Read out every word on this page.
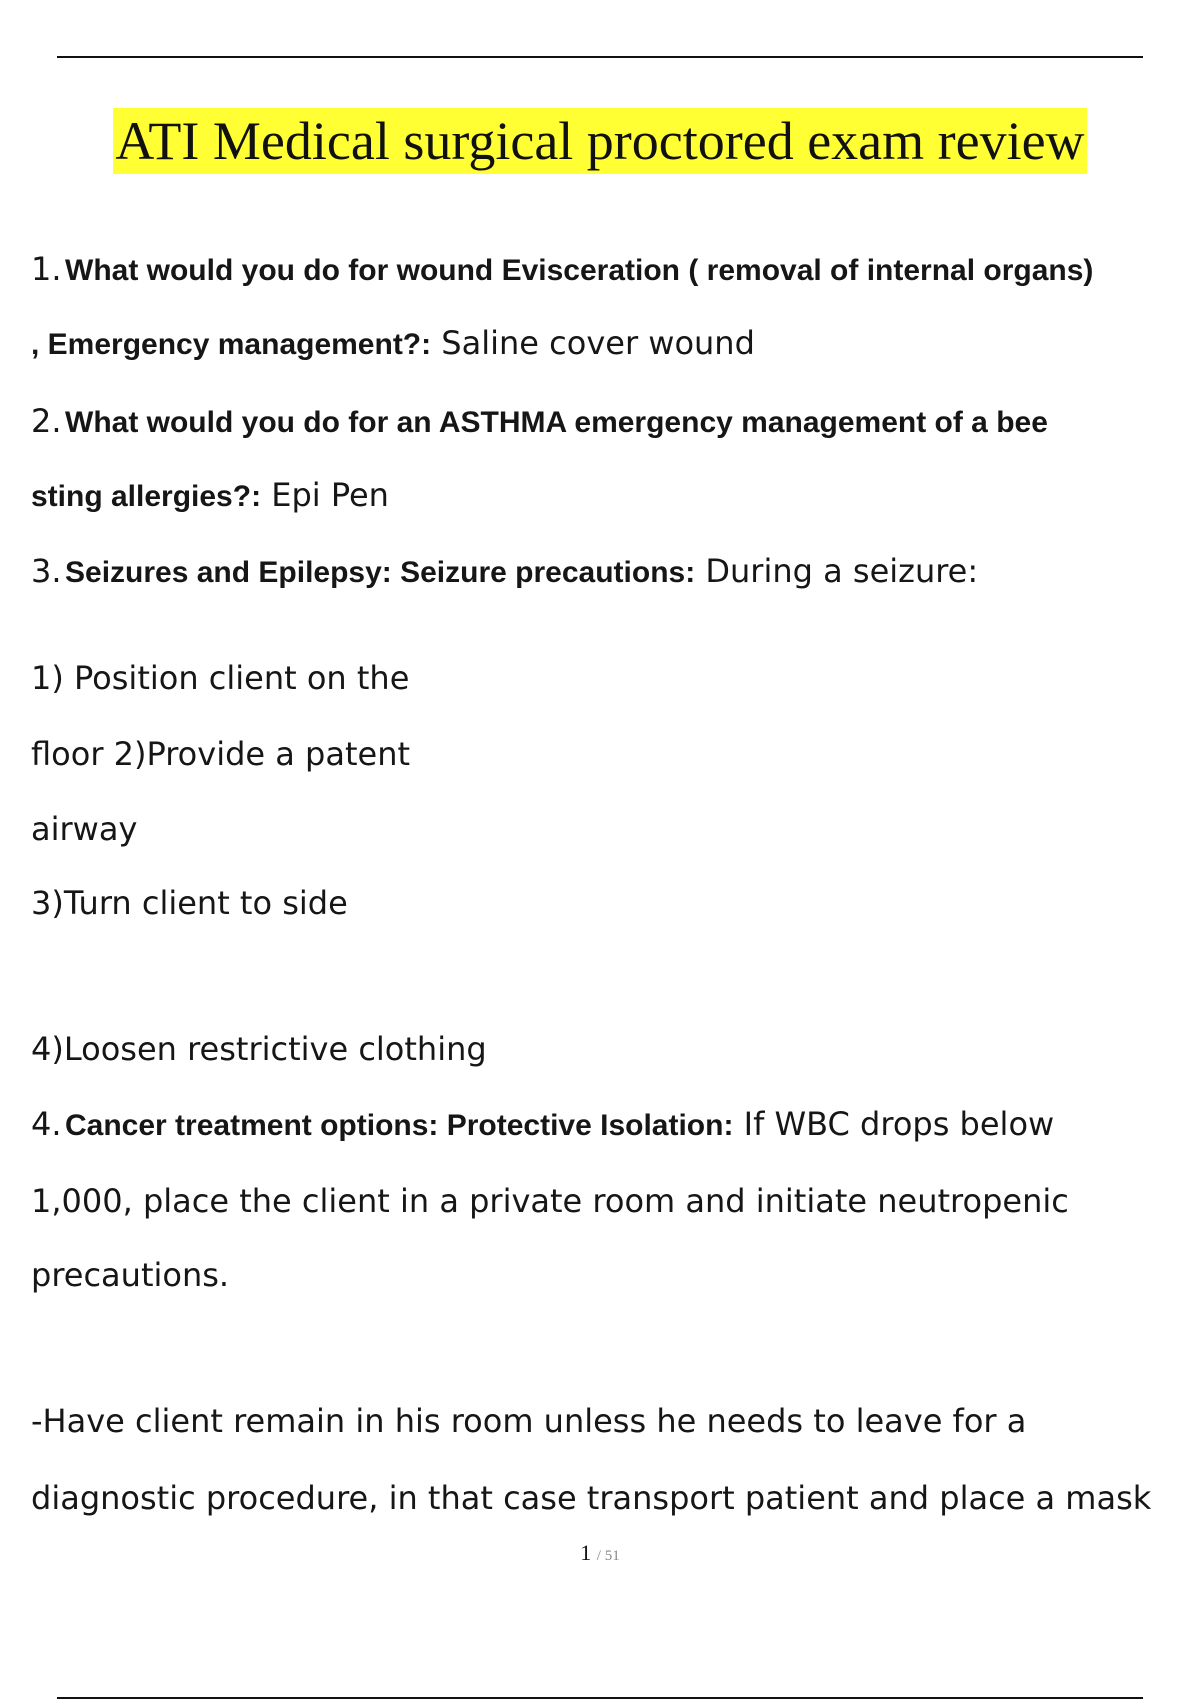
ATI Medical surgical proctored exam review
1. What would you do for wound Evisceration ( removal of internal organs)
, Emergency management?: Saline cover wound
2. What would you do for an ASTHMA emergency management of a bee
sting allergies?: Epi Pen
3. Seizures and Epilepsy: Seizure precautions: During a seizure:
1) Position client on the
floor 2)Provide a patent
airway
3)Turn client to side
4)Loosen restrictive clothing
4. Cancer treatment options: Protective Isolation: If WBC drops below
1,000, place the client in a private room and initiate neutropenic
precautions.
-Have client remain in his room unless he needs to leave for a
diagnostic procedure, in that case transport patient and place a mask
1 / 51
